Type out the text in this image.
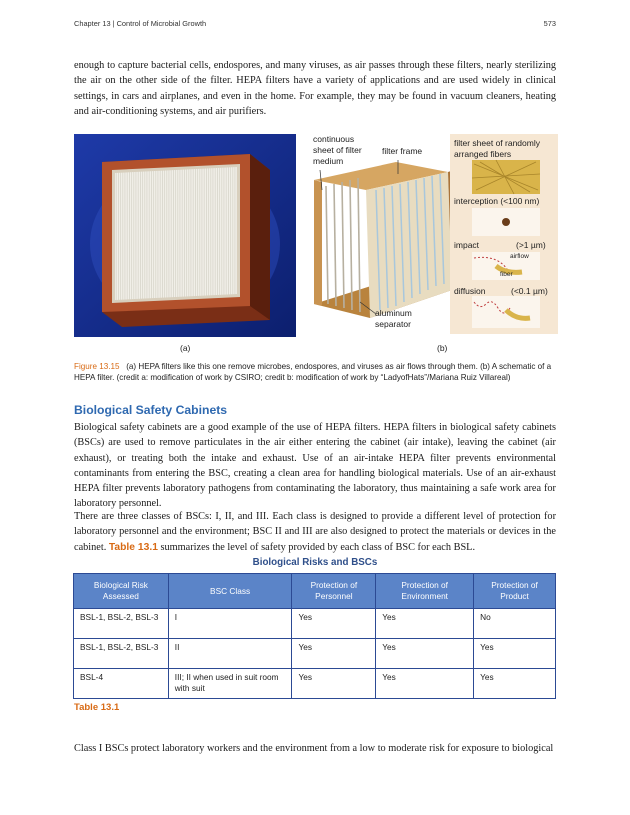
Chapter 13 | Control of Microbial Growth	573

enough to capture bacterial cells, endospores, and many viruses, as air passes through these filters, nearly sterilizing the air on the other side of the filter. HEPA filters have a variety of applications and are used widely in clinical settings, in cars and airplanes, and even in the home. For example, they may be found in vacuum cleaners, heating and air-conditioning systems, and air purifiers.

continuous
sheet of filter
medium
filter frame
aluminum
separator
filter sheet of randomly
arranged fibers
interception (<100 nm)
impact	(>1 µm)
airflow
fiber
diffusion	(<0.1 µm)
(a)	(b)

Figure 13.15 (a) HEPA filters like this one remove microbes, endospores, and viruses as air flows through them. (b) A schematic of a HEPA filter. (credit a: modification of work by CSIRO; credit b: modification of work by “LadyofHats”/Mariana Ruiz Villareal)

Biological Safety Cabinets

Biological safety cabinets are a good example of the use of HEPA filters. HEPA filters in biological safety cabinets (BSCs) are used to remove particulates in the air either entering the cabinet (air intake), leaving the cabinet (air exhaust), or treating both the intake and exhaust. Use of an air-intake HEPA filter prevents environmental contaminants from entering the BSC, creating a clean area for handling biological materials. Use of an air-exhaust HEPA filter prevents laboratory pathogens from contaminating the laboratory, thus maintaining a safe work area for laboratory personnel.

There are three classes of BSCs: I, II, and III. Each class is designed to provide a different level of protection for laboratory personnel and the environment; BSC II and III are also designed to protect the materials or devices in the cabinet. Table 13.1 summarizes the level of safety provided by each class of BSC for each BSL.

Biological Risks and BSCs
Biological Risk Assessed	BSC Class	Protection of Personnel	Protection of Environment	Protection of Product
BSL-1, BSL-2, BSL-3	I	Yes	Yes	No
BSL-1, BSL-2, BSL-3	II	Yes	Yes	Yes
BSL-4	III; II when used in suit room with suit	Yes	Yes	Yes
Table 13.1

Class I BSCs protect laboratory workers and the environment from a low to moderate risk for exposure to biological
